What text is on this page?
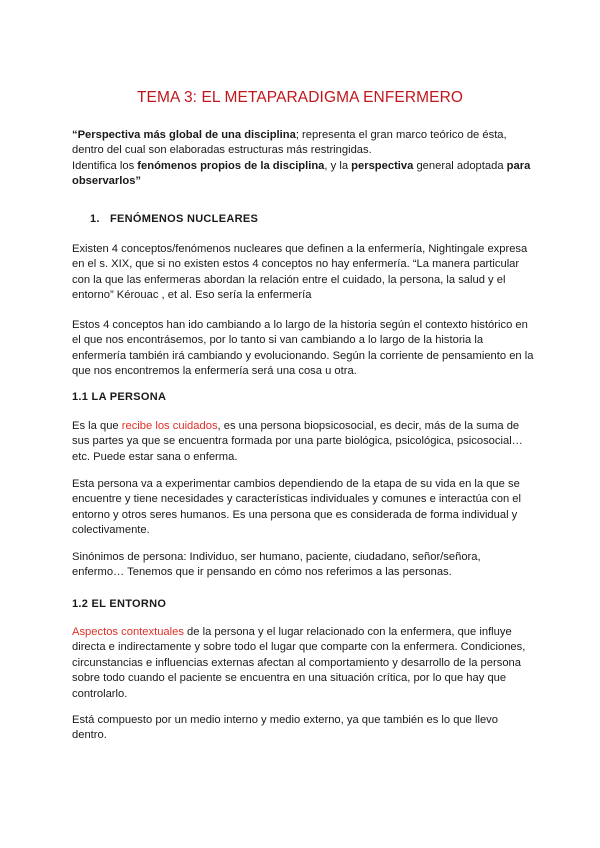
TEMA 3: EL METAPARADIGMA ENFERMERO

“Perspectiva más global de una disciplina; representa el gran marco teórico de ésta, dentro del cual son elaboradas estructuras más restringidas.

Identifica los fenómenos propios de la disciplina, y la perspectiva general adoptada para observarlos”

1. FENÓMENOS NUCLEARES
Existen 4 conceptos/fenómenos nucleares que definen a la enfermería, Nightingale expresa en el s. XIX, que si no existen estos 4 conceptos no hay enfermería. “La manera particular con la que las enfermeras abordan la relación entre el cuidado, la persona, la salud y el entorno” Kérouac , et al. Eso sería la enfermería
Estos 4 conceptos han ido cambiando a lo largo de la historia según el contexto histórico en el que nos encontrásemos, por lo tanto si van cambiando a lo largo de la historia la enfermería también irá cambiando y evolucionando. Según la corriente de pensamiento en la que nos encontremos la enfermería será una cosa u otra.
1.1 LA PERSONA
Es la que recibe los cuidados, es una persona biopsicosocial, es decir, más de la suma de sus partes ya que se encuentra formada por una parte biológica, psicológica, psicosocial…etc. Puede estar sana o enferma.
Esta persona va a experimentar cambios dependiendo de la etapa de su vida en la que se encuentre y tiene necesidades y características individuales y comunes e interactúa con el entorno y otros seres humanos. Es una persona que es considerada de forma individual y colectivamente.
Sinónimos de persona: Individuo, ser humano, paciente, ciudadano, señor/señora, enfermo… Tenemos que ir pensando en cómo nos referimos a las personas.
1.2 EL ENTORNO
Aspectos contextuales de la persona y el lugar relacionado con la enfermera, que influye directa e indirectamente y sobre todo el lugar que comparte con la enfermera. Condiciones, circunstancias e influencias externas afectan al comportamiento y desarrollo de la persona sobre todo cuando el paciente se encuentra en una situación crítica, por lo que hay que controlarlo.
Está compuesto por un medio interno y medio externo, ya que también es lo que llevo dentro.
